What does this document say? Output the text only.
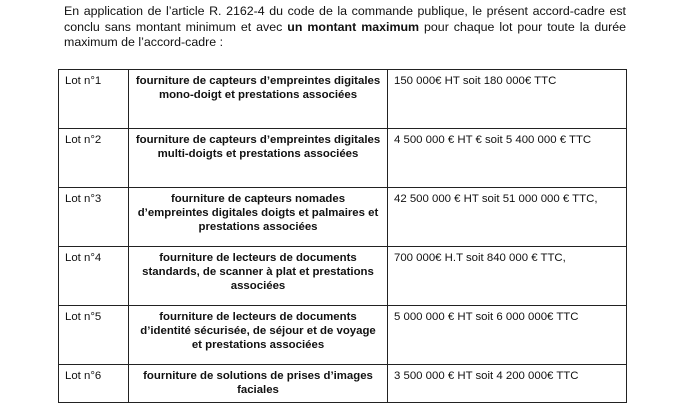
En application de l’article R. 2162-4 du code de la commande publique, le présent accord-cadre est conclu sans montant minimum et avec un montant maximum pour chaque lot pour toute la durée maximum de l’accord-cadre :

Lot n°1	fourniture de capteurs d’empreintes digitales mono-doigt et prestations associées	150 000€ HT soit 180 000€ TTC
Lot n°2	fourniture de capteurs d’empreintes digitales multi-doigts et prestations associées	4 500 000 € HT € soit 5 400 000 € TTC
Lot n°3	fourniture de capteurs nomades d’empreintes digitales doigts et palmaires et prestations associées	42 500 000 € HT soit 51 000 000 € TTC,
Lot n°4	fourniture de lecteurs de documents standards, de scanner à plat et prestations associées	700 000€ H.T soit 840 000 € TTC,
Lot n°5	fourniture de lecteurs de documents d’identité sécurisée, de séjour et de voyage et prestations associées	5 000 000 € HT soit 6 000 000€ TTC
Lot n°6	fourniture de solutions de prises d’images faciales	3 500 000 € HT soit 4 200 000€ TTC
